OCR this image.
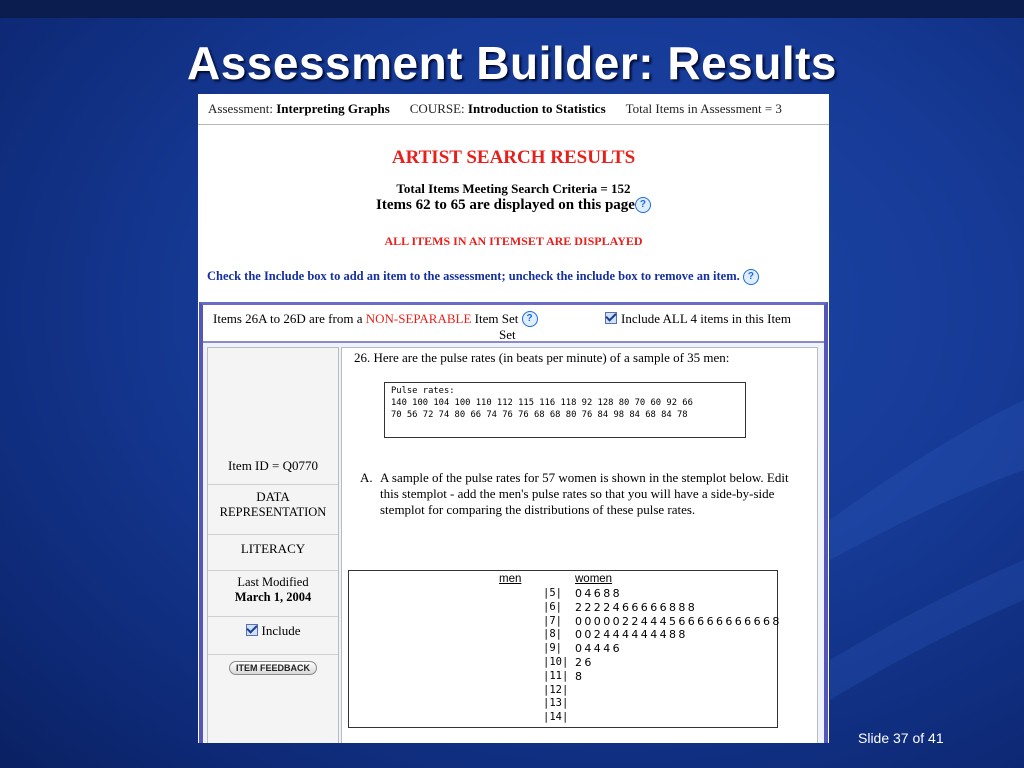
Assessment Builder: Results
Assessment: Interpreting Graphs COURSE: Introduction to Statistics Total Items in Assessment = 3
ARTIST SEARCH RESULTS
Total Items Meeting Search Criteria = 152
Items 62 to 65 are displayed on this page ?
ALL ITEMS IN AN ITEMSET ARE DISPLAYED
Check the Include box to add an item to the assessment; uncheck the include box to remove an item. ?
Items 26A to 26D are from a NON-SEPARABLE Item Set ?
Set
Include ALL 4 items in this Item
Item ID = Q0770
DATA
REPRESENTATION
LITERACY
Last Modified
March 1, 2004
Include
ITEM FEEDBACK
26. Here are the pulse rates (in beats per minute) of a sample of 35 men:
Pulse rates:
140 100 104 100 110 112 115 116 118 92 128 80 70 60 92 66
70 56 72 74 80 66 74 76 76 68 68 80 76 84 98 84 68 84 78
A. A sample of the pulse rates for 57 women is shown in the stemplot below. Edit this stemplot - add the men's pulse rates so that you will have a side-by-side stemplot for comparing the distributions of these pulse rates.
men	women
|5| 04688
|6| 2222466666888
|7| 0000022444566666666668
|8| 002444444488
|9| 04446
|10| 26
|11| 8
|12|
|13|
|14|
Slide 37 of 41
